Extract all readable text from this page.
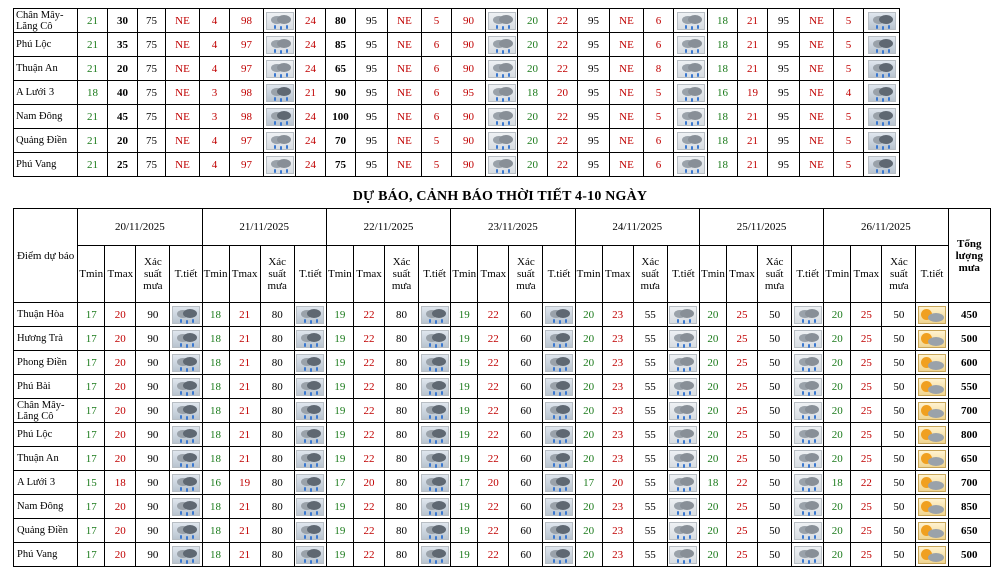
Chân Mây-Lăng Cô	21	30	75	NE	4	98		24	80	95	NE	5	90		20	22	95	NE	6		18	21	95	NE	5	

Phú Lộc	21	35	75	NE	4	97		24	85	95	NE	6	90		20	22	95	NE	6		18	21	95	NE	5	

Thuận An	21	20	75	NE	4	97		24	65	95	NE	6	90		20	22	95	NE	8		18	21	95	NE	5	

A Lưới 3	18	40	75	NE	3	98		21	90	95	NE	6	95		18	20	95	NE	5		16	19	95	NE	4	

Nam Đông	21	45	75	NE	3	98		24	100	95	NE	6	90		20	22	95	NE	5		18	21	95	NE	5	

Quảng Điền	21	20	75	NE	4	97		24	70	95	NE	5	90		20	22	95	NE	6		18	21	95	NE	5	

Phú Vang	21	25	75	NE	4	97		24	75	95	NE	5	90		20	22	95	NE	6		18	21	95	NE	5	
DỰ BÁO, CẢNH BÁO THỜI TIẾT 4-10 NGÀY
Điểm dự báo	20/11/2025				21/11/2025				22/11/2025				23/11/2025				24/11/2025				25/11/2025				26/11/2025				Tổng lượng mưa
	Tmin	Tmax	Xác suất mưa	T.tiết	Tmin	Tmax	Xác suất mưa	T.tiết	Tmin	Tmax	Xác suất mưa	T.tiết	Tmin	Tmax	Xác suất mưa	T.tiết	Tmin	Tmax	Xác suất mưa	T.tiết	Tmin	Tmax	Xác suất mưa	T.tiết	Tmin	Tmax	Xác suất mưa	T.tiết	
Thuận Hòa	17	20	90		18	21	80		19	22	80		19	22	60		20	23	55		20	25	50		20	25	50		450
Hương Trà	17	20	90		18	21	80		19	22	80		19	22	60		20	23	55		20	25	50		20	25	50		500
Phong Điền	17	20	90		18	21	80		19	22	80		19	22	60		20	23	55		20	25	50		20	25	50		600
Phú Bài	17	20	90		18	21	80		19	22	80		19	22	60		20	23	55		20	25	50		20	25	50		550
Chân Mây-Lăng Cô	17	20	90		18	21	80		19	22	80		19	22	60		20	23	55		20	25	50		20	25	50		700
Phú Lộc	17	20	90		18	21	80		19	22	80		19	22	60		20	23	55		20	25	50		20	25	50		800
Thuận An	17	20	90		18	21	80		19	22	80		19	22	60		20	23	55		20	25	50		20	25	50		650
A Lưới 3	15	18	90		16	19	80		17	20	80		17	20	60		17	20	55		18	22	50		18	22	50		700
Nam Đông	17	20	90		18	21	80		19	22	80		19	22	60		20	23	55		20	25	50		20	25	50		850
Quảng Điền	17	20	90		18	21	80		19	22	80		19	22	60		20	23	55		20	25	50		20	25	50		650
Phú Vang	17	20	90		18	21	80		19	22	80		19	22	60		20	23	55		20	25	50		20	25	50		500
